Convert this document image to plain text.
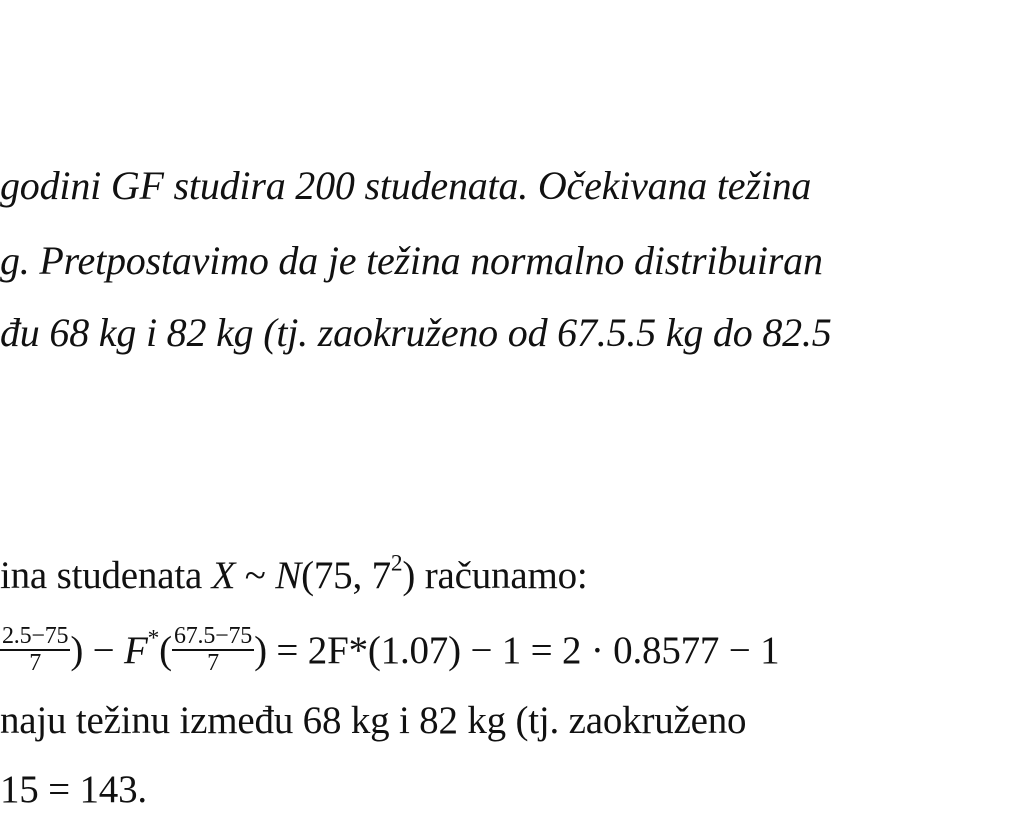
godini GF studira 200 studenata. Očekivana težina
g. Pretpostavimo da je težina normalno distribuiran
đu 68 kg i 82 kg (tj. zaokruženo od 67.5.5 kg do 82.5
ina studenata X ~ N(75, $7^2$) računamo:
$\frac{2.5-75}{7}$ ) − $F^*( \frac{67.5-75}{7}$ ) = 2F*(1.07) − 1 = 2 · 0.8577 − 1
naju težinu između 68 kg i 82 kg (tj. zaokruženo
15 = 143.
